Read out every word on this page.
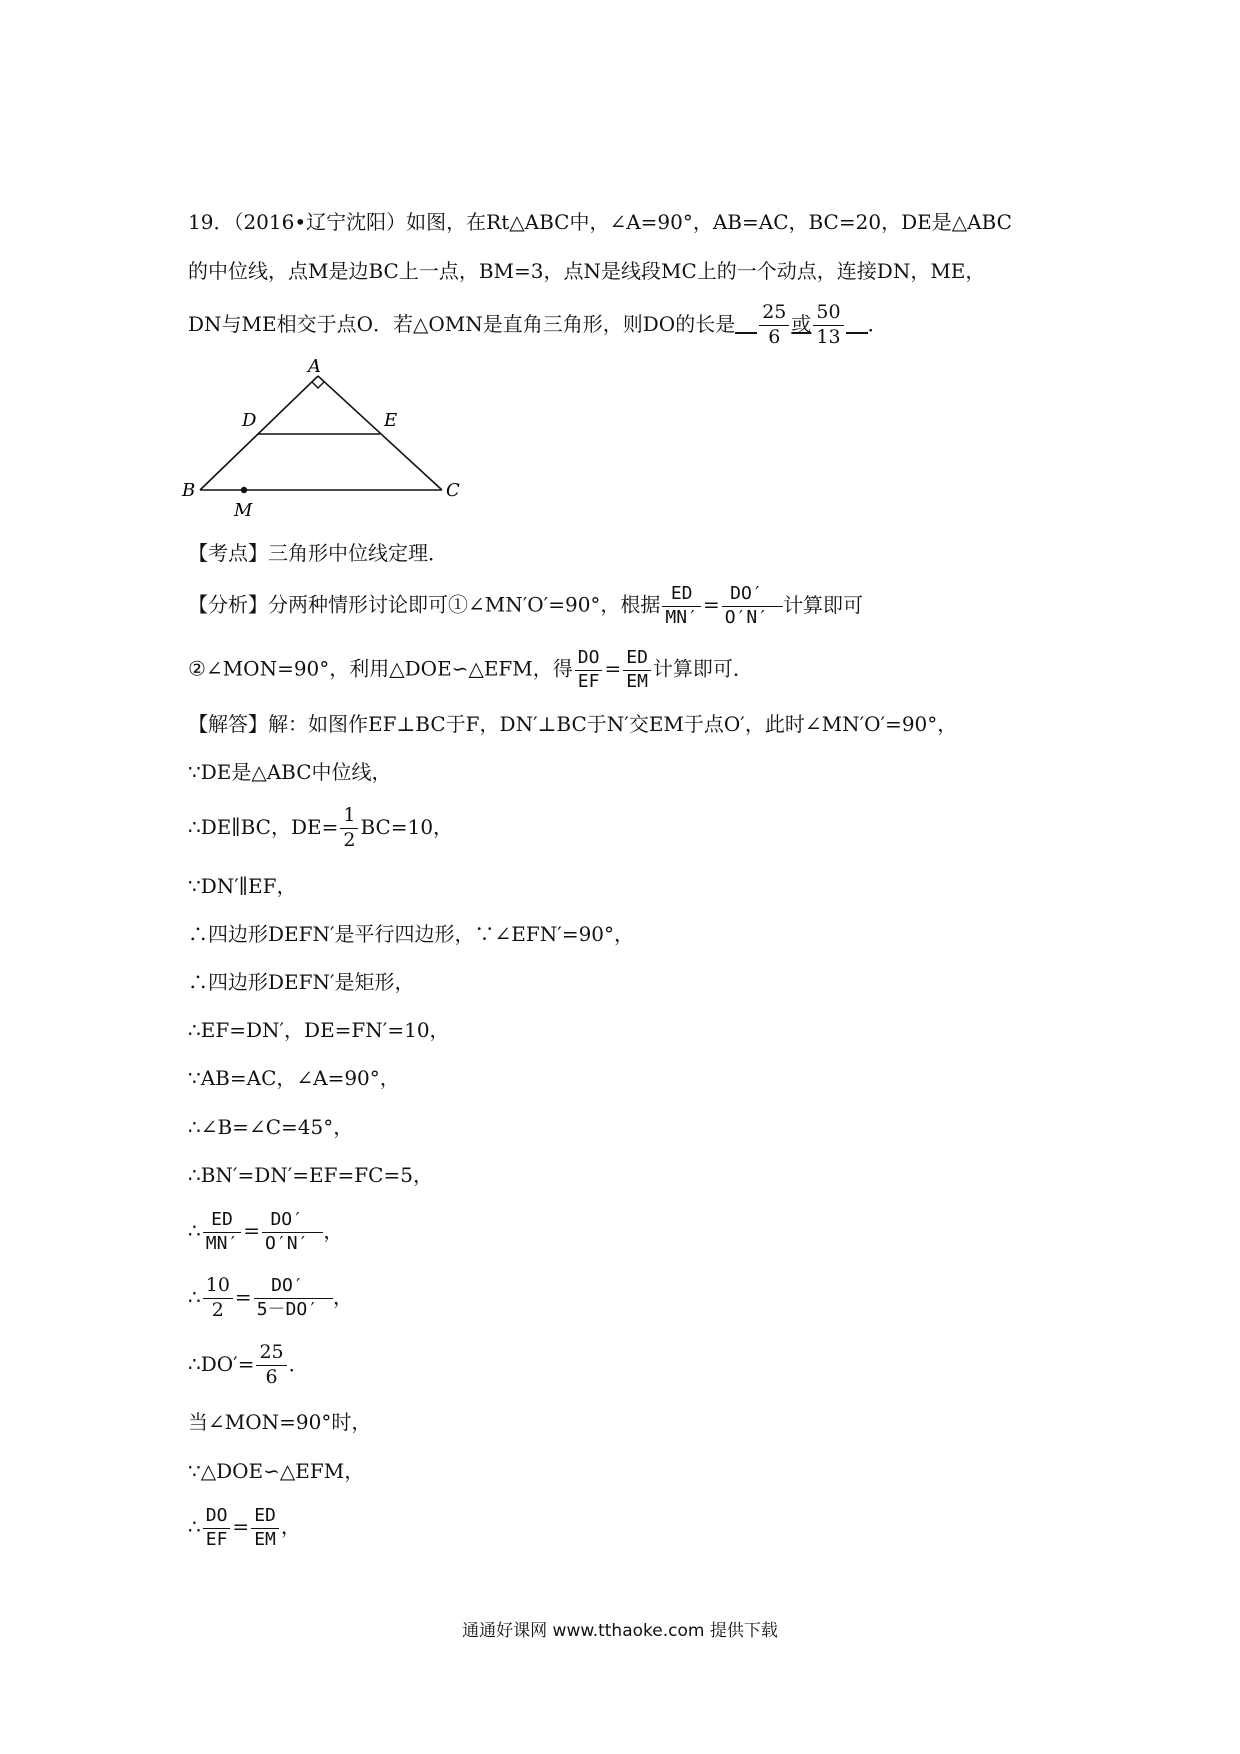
19．（2016•辽宁沈阳）如图，在Rt△ABC中，∠A=90°，AB=AC，BC=20，DE是△ABC
的中位线，点M是边BC上一点，BM=3，点N是线段MC上的一个动点，连接DN，ME，
DN与ME相交于点O．若△OMN是直角三角形，则DO的长是 $\frac{25}{6}$ 或 $\frac{50}{13}$ ．
A
B	C
D	E
M
【考点】三角形中位线定理．
【分析】分两种情形讨论即可①∠MN′O′=90°，根据 $\frac{ED}{MN'} = \frac{DO'}{O'N'}$ 计算即可
②∠MON=90°，利用△DOE∽△EFM，得 $\frac{DO}{EF} = \frac{ED}{EM}$ 计算即可．
【解答】解：如图作EF⊥BC于F，DN′⊥BC于N′交EM于点O′，此时∠MN′O′=90°，
∵DE是△ABC中位线，
∴DE∥BC，$DE= \frac{1}{2} BC=10$，
∵DN′∥EF，
∴四边形DEFN′是平行四边形，∵∠EFN′=90°，
∴四边形DEFN′是矩形，
∴EF=DN′，DE=FN′=10，
∵AB=AC，∠A=90°，
∴∠B=∠C=45°，
∴BN′=DN′=EF=FC=5，
∴ $\frac{ED}{MN'} = \frac{DO'}{O'N'}$ ，
∴ $\frac{10}{2} = \frac{DO'}{5-DO'}$ ，
∴DO′= $\frac{25}{6}$ ．
当∠MON=90°时，
∵△DOE∽△EFM，
∴ $\frac{DO}{EF} = \frac{ED}{EM}$ ，
通通好课网 www.tthaoke.com 提供下载
